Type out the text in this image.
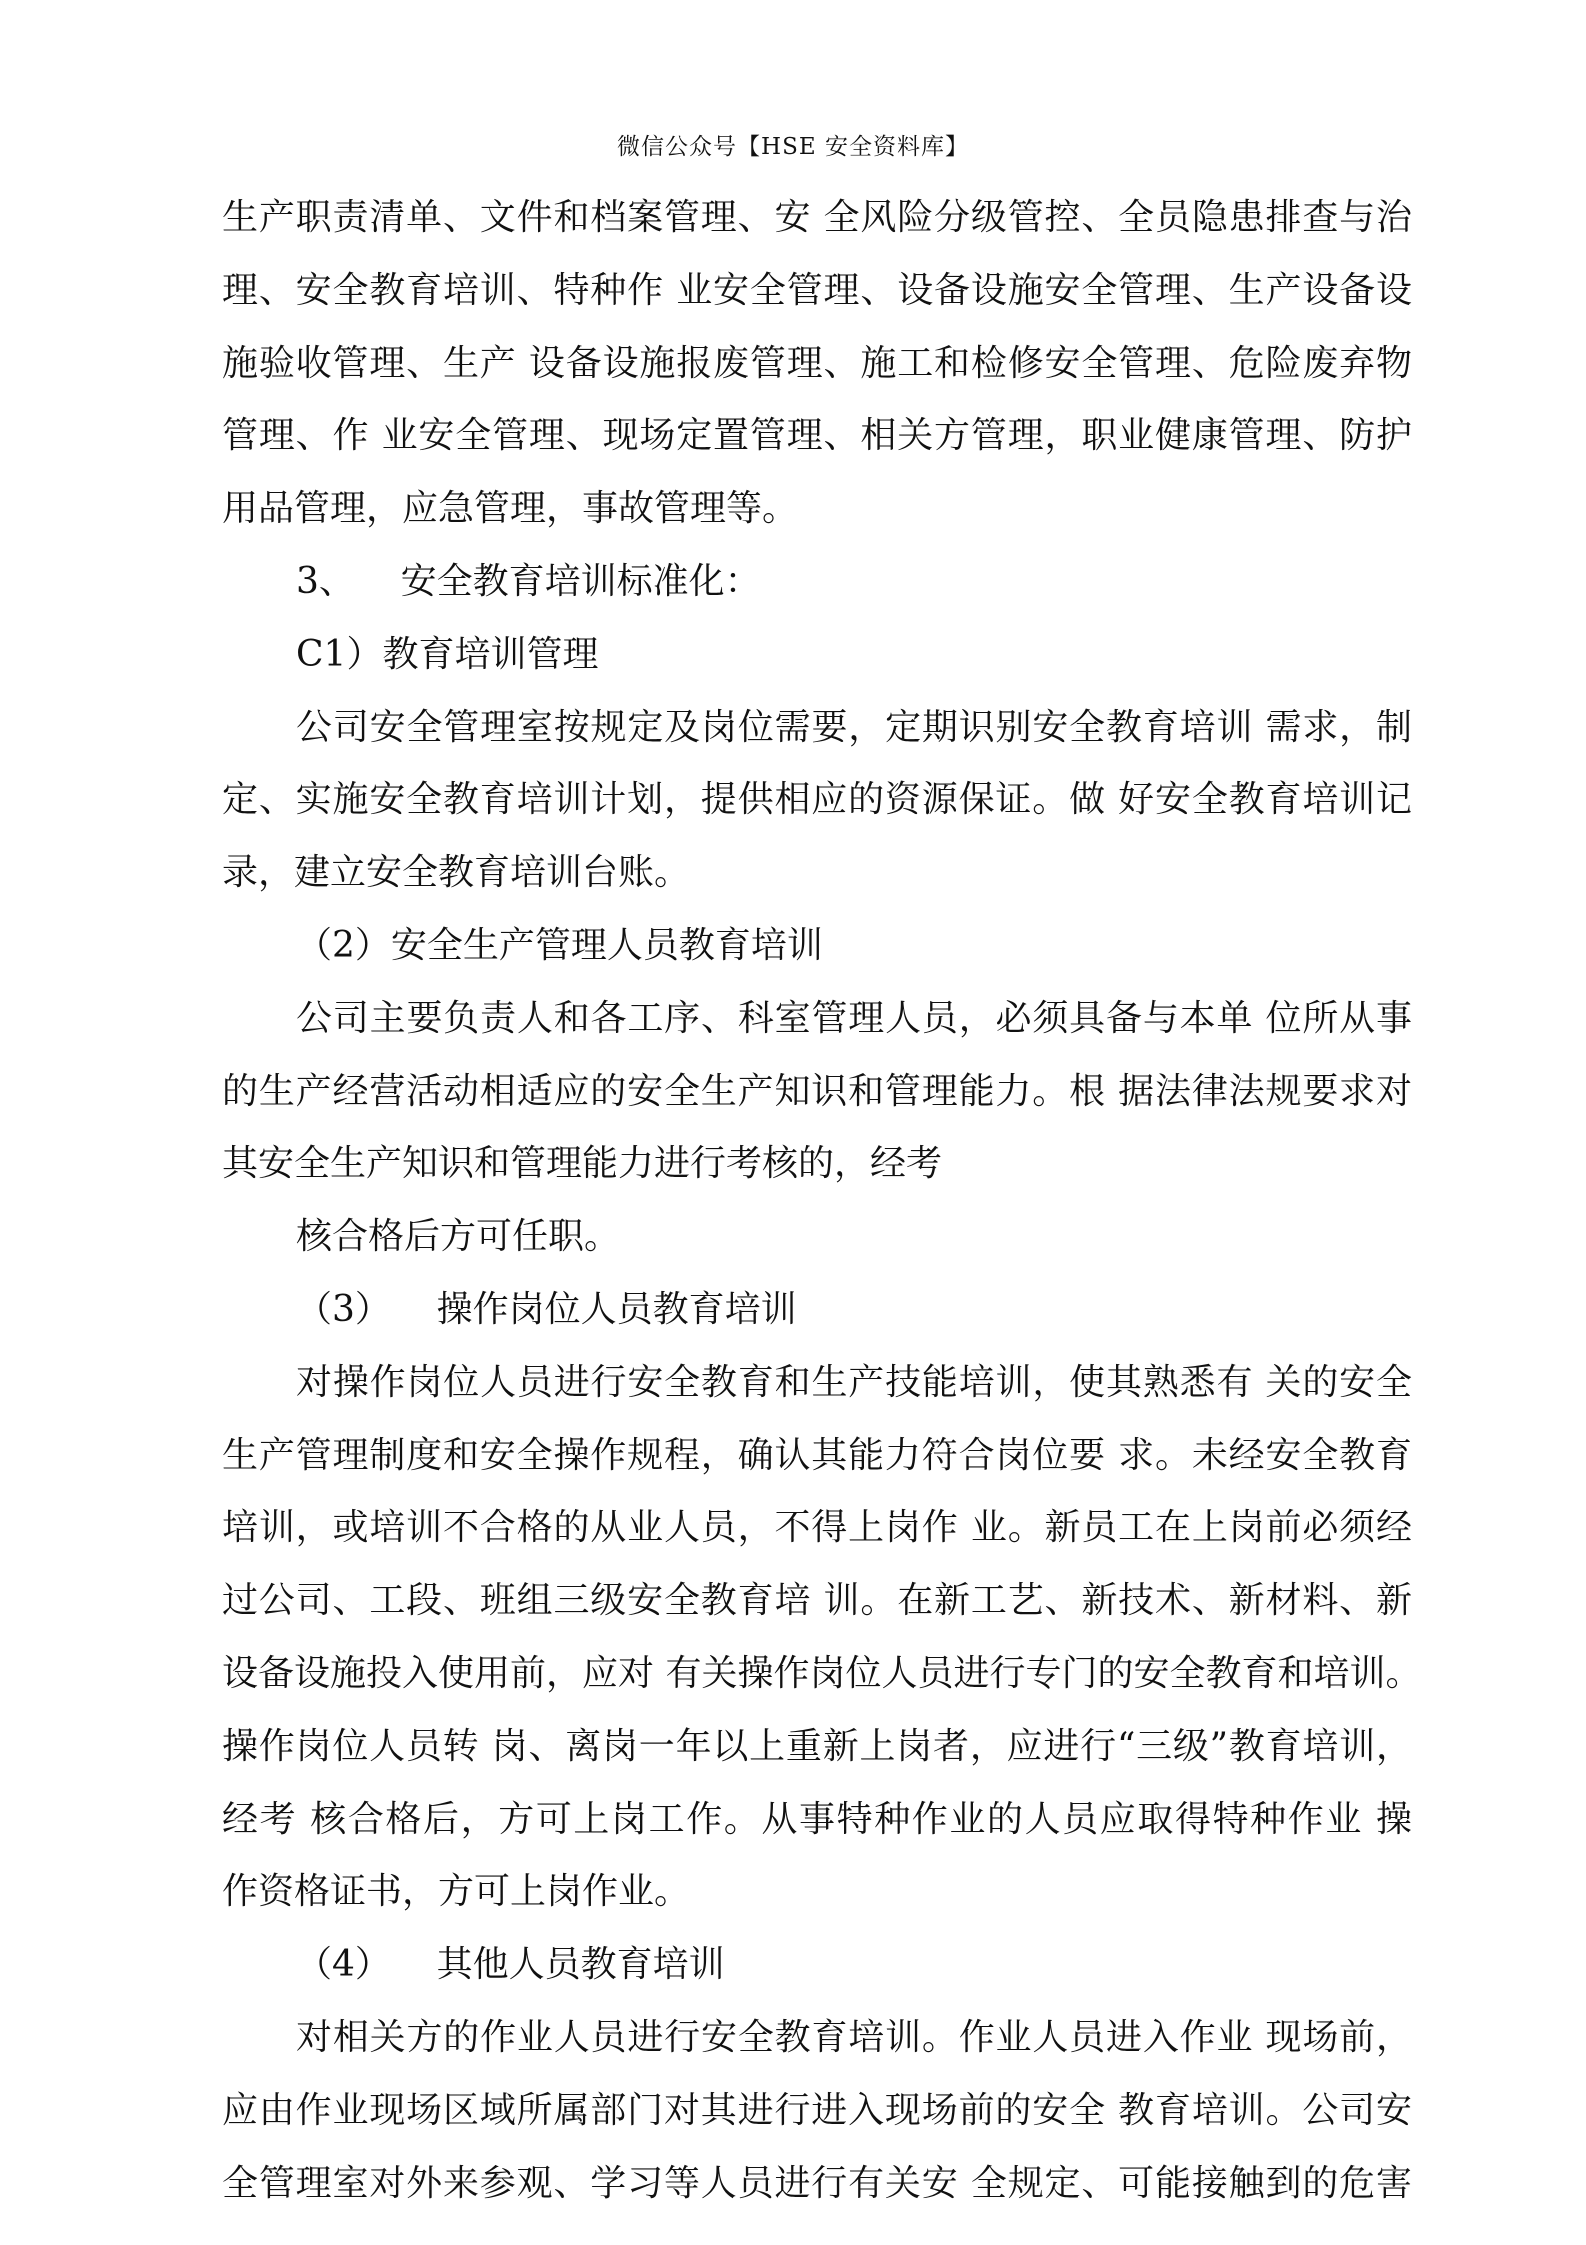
微信公众号【HSE 安全资料库】
生产职责清单、文件和档案管理、安 全风险分级管控、全员隐患排查与治
理、安全教育培训、特种作 业安全管理、设备设施安全管理、生产设备设
施验收管理、生产 设备设施报废管理、施工和检修安全管理、危险废弃物
管理、作 业安全管理、现场定置管理、相关方管理，职业健康管理、防护
用品管理，应急管理，事故管理等。
3、    安全教育培训标准化：
C1）教育培训管理
公司安全管理室按规定及岗位需要，定期识别安全教育培训 需求，制
定、实施安全教育培训计划，提供相应的资源保证。做 好安全教育培训记
录，建立安全教育培训台账。
（2）安全生产管理人员教育培训
公司主要负责人和各工序、科室管理人员，必须具备与本单 位所从事
的生产经营活动相适应的安全生产知识和管理能力。根 据法律法规要求对
其安全生产知识和管理能力进行考核的，经考
核合格后方可任职。
（3）    操作岗位人员教育培训
对操作岗位人员进行安全教育和生产技能培训，使其熟悉有 关的安全
生产管理制度和安全操作规程，确认其能力符合岗位要 求。未经安全教育
培训，或培训不合格的从业人员，不得上岗作 业。新员工在上岗前必须经
过公司、工段、班组三级安全教育培 训。在新工艺、新技术、新材料、新
设备设施投入使用前，应对 有关操作岗位人员进行专门的安全教育和培训。
操作岗位人员转 岗、离岗一年以上重新上岗者，应进行“三级”教育培训，
经考 核合格后，方可上岗工作。从事特种作业的人员应取得特种作业 操
作资格证书，方可上岗作业。
（4）    其他人员教育培训
对相关方的作业人员进行安全教育培训。作业人员进入作业 现场前，
应由作业现场区域所属部门对其进行进入现场前的安全 教育培训。公司安
全管理室对外来参观、学习等人员进行有关安 全规定、可能接触到的危害
